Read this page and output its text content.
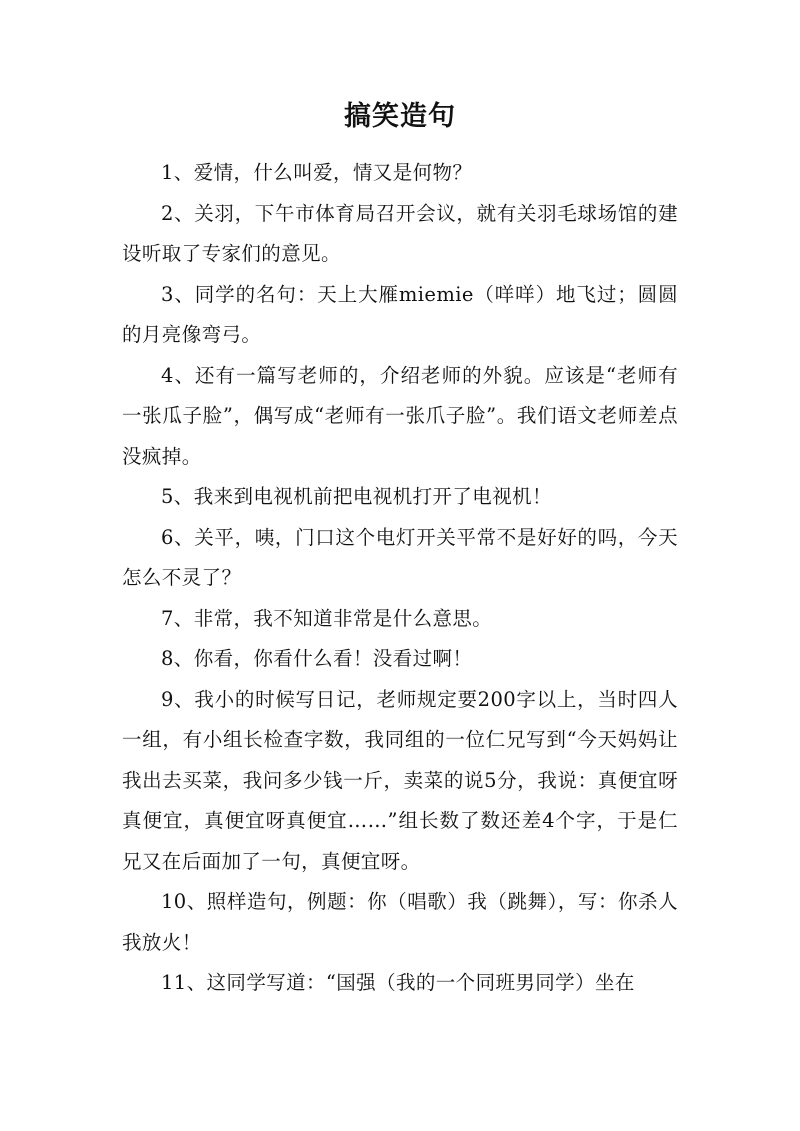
搞笑造句

1、爱情，什么叫爱，情又是何物？

2、关羽，下午市体育局召开会议，就有关羽毛球场馆的建设听取了专家们的意见。

3、同学的名句：天上大雁miemie（咩咩）地飞过；圆圆的月亮像弯弓。

4、还有一篇写老师的，介绍老师的外貌。应该是“老师有一张瓜子脸”，偶写成“老师有一张爪子脸”。我们语文老师差点没疯掉。

5、我来到电视机前把电视机打开了电视机！

6、关平，咦，门口这个电灯开关平常不是好好的吗，今天怎么不灵了？

7、非常，我不知道非常是什么意思。

8、你看，你看什么看！没看过啊！

9、我小的时候写日记，老师规定要200字以上，当时四人一组，有小组长检查字数，我同组的一位仁兄写到“今天妈妈让我出去买菜，我问多少钱一斤，卖菜的说5分，我说：真便宜呀真便宜，真便宜呀真便宜……”组长数了数还差4个字，于是仁兄又在后面加了一句，真便宜呀。

10、照样造句，例题：你（唱歌）我（跳舞），写：你杀人我放火！

11、这同学写道：“国强（我的一个同班男同学）坐在
